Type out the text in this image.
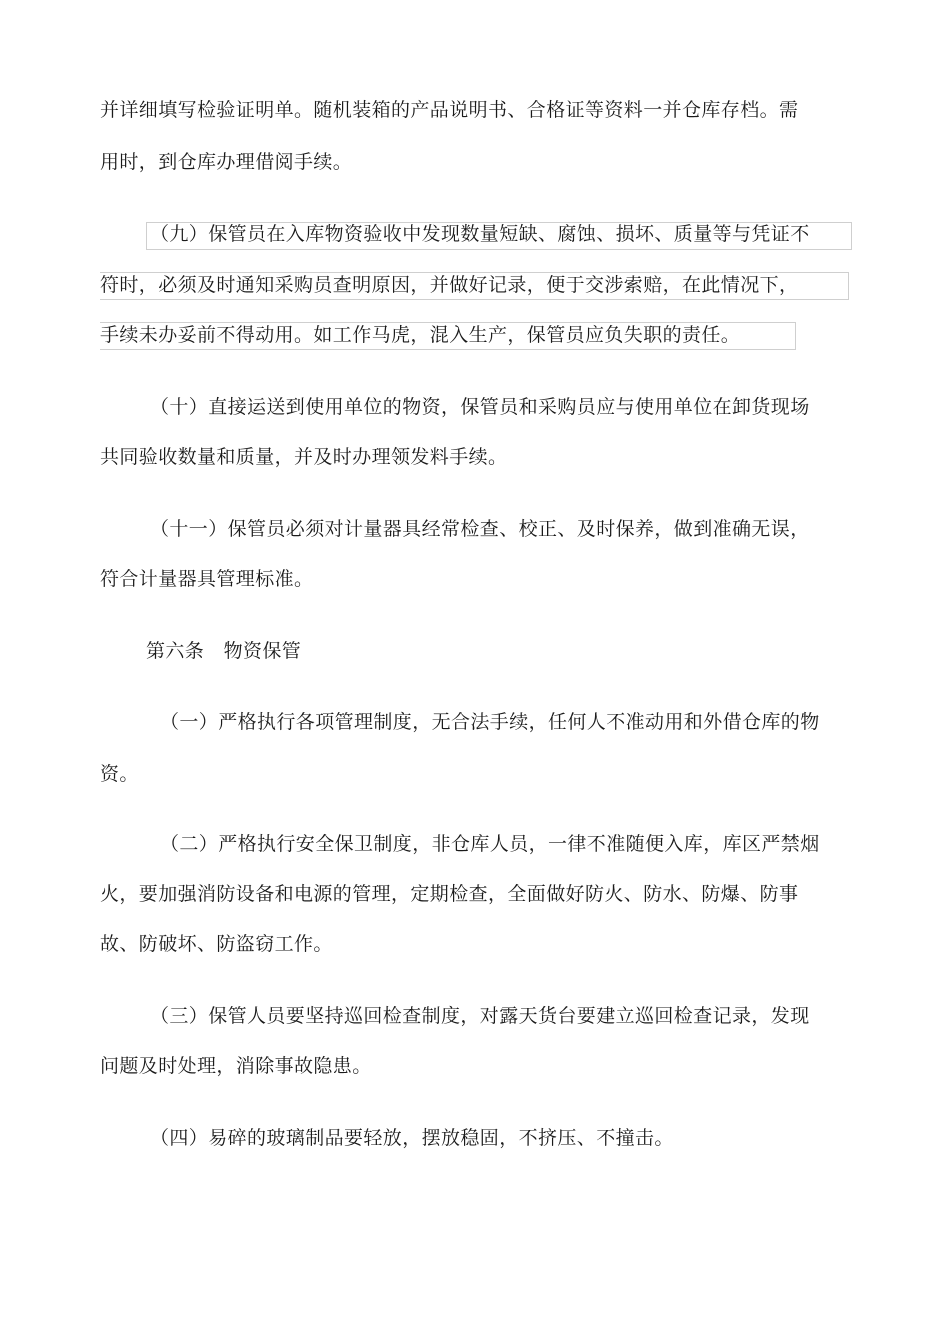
并详细填写检验证明单。随机装箱的产品说明书、合格证等资料一并仓库存档。需
用时，到仓库办理借阅手续。
（九）保管员在入库物资验收中发现数量短缺、腐蚀、损坏、质量等与凭证不
符时，必须及时通知采购员查明原因，并做好记录，便于交涉索赔，在此情况下，
手续未办妥前不得动用。如工作马虎，混入生产，保管员应负失职的责任。
（十）直接运送到使用单位的物资，保管员和采购员应与使用单位在卸货现场
共同验收数量和质量，并及时办理领发料手续。
（十一）保管员必须对计量器具经常检查、校正、及时保养，做到准确无误，
符合计量器具管理标准。
第六条　物资保管
（一）严格执行各项管理制度，无合法手续，任何人不准动用和外借仓库的物
资。
（二）严格执行安全保卫制度，非仓库人员，一律不准随便入库，库区严禁烟
火，要加强消防设备和电源的管理，定期检查，全面做好防火、防水、防爆、防事
故、防破坏、防盗窃工作。
（三）保管人员要坚持巡回检查制度，对露天货台要建立巡回检查记录，发现
问题及时处理，消除事故隐患。
（四）易碎的玻璃制品要轻放，摆放稳固，不挤压、不撞击。
